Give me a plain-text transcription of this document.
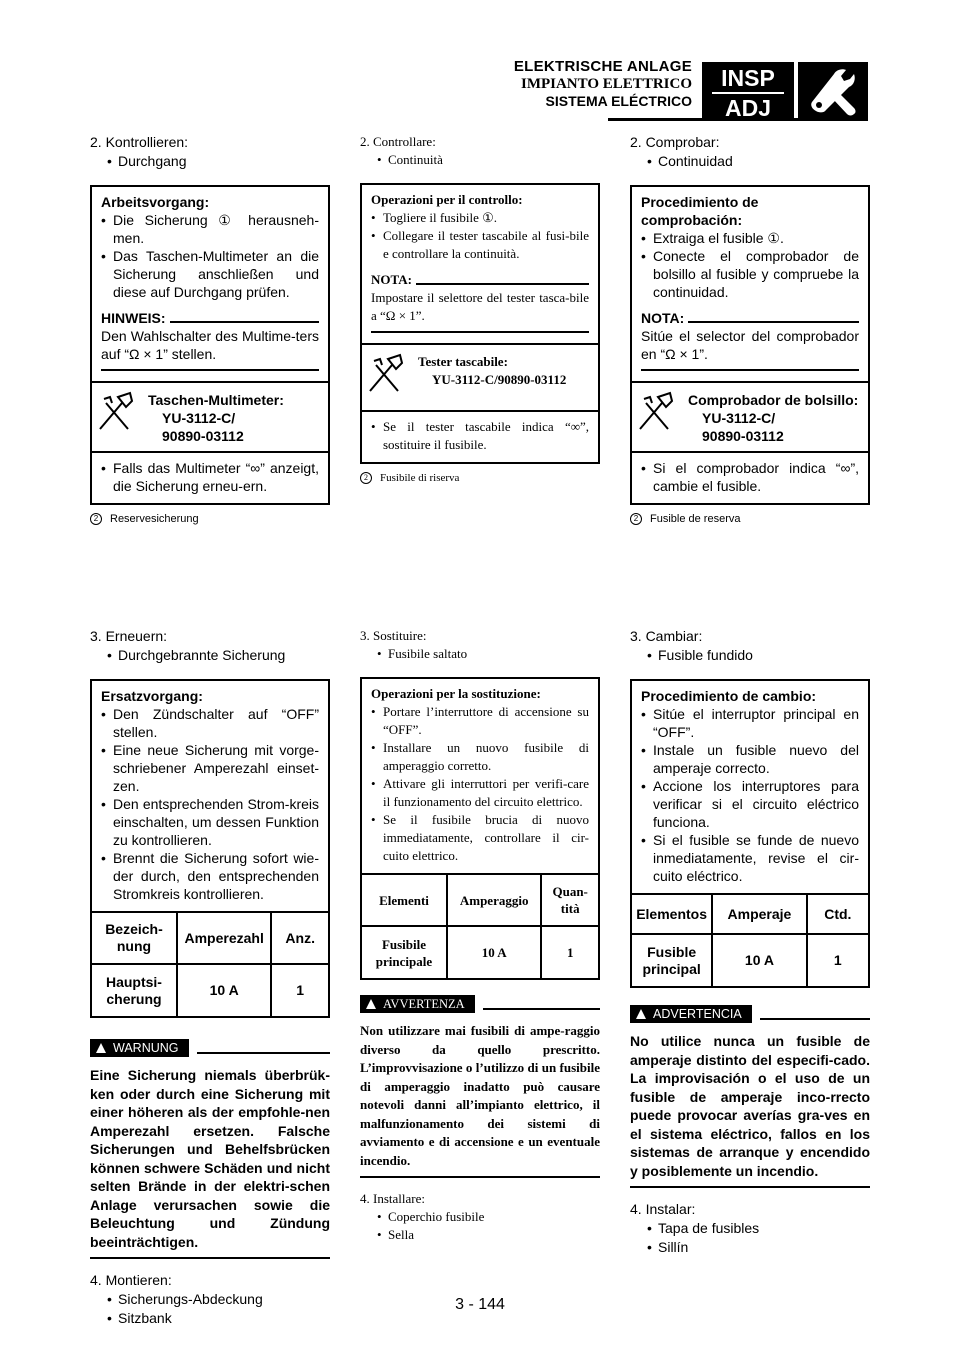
ELEKTRISCHE ANLAGE
IMPIANTO ELETTRICO
SISTEMA ELÉCTRICO
INSP
ADJ
2. Kontrollieren:
• Durchgang
Arbeitsvorgang:
• Die Sicherung ① herausneh-men.
• Das Taschen-Multimeter an die Sicherung anschließen und diese auf Durchgang prüfen.
HINWEIS:
Den Wahlschalter des Multime-ters auf “Ω × 1” stellen.
Taschen-Multimeter:
YU-3112-C/
90890-03112
• Falls das Multimeter “∞” anzeigt, die Sicherung erneu-ern.
2	Reservesicherung
3. Erneuern:
• Durchgebrannte Sicherung
Ersatzvorgang:
• Den Zündschalter auf “OFF” stellen.
• Eine neue Sicherung mit vorge-schriebener Amperezahl einset-zen.
• Den entsprechenden Strom-kreis einschalten, um dessen Funktion zu kontrollieren.
• Brennt die Sicherung sofort wie-der durch, den entsprechenden Stromkreis kontrollieren.
Bezeich-nung	Amperezahl	Anz.
Hauptsi-cherung	10 A	1
WARNUNG
Eine Sicherung niemals überbrük-ken oder durch eine Sicherung mit einer höheren als der empfohle-nen Amperezahl ersetzen. Falsche Sicherungen und Behelfsbrücken können schwere Schäden und nicht selten Brände in der elektri-schen Anlage verursachen sowie die Beleuchtung und Zündung beeinträchtigen.
4. Montieren:
• Sicherungs-Abdeckung
• Sitzbank
2. Controllare:
• Continuità
Operazioni per il controllo:
• Togliere il fusibile ①.
• Collegare il tester tascabile al fusi-bile e controllare la continuità.
NOTA:
Impostare il selettore del tester tasca-bile a “Ω × 1”.
Tester tascabile:
YU-3112-C/90890-03112
• Se il tester tascabile indica “∞”, sostituire il fusibile.
2	Fusibile di riserva
3. Sostituire:
• Fusibile saltato
Operazioni per la sostituzione:
• Portare l’interruttore di accensione su “OFF”.
• Installare un nuovo fusibile di amperaggio corretto.
• Attivare gli interruttori per verifi-care il funzionamento del circuito elettrico.
• Se il fusibile brucia di nuovo immediatamente, controllare il cir-cuito elettrico.
Elementi	Amperaggio	Quan-tità
Fusibile principale	10 A	1
AVVERTENZA
Non utilizzare mai fusibili di ampe-raggio diverso da quello prescritto. L’improvvisazione o l’utilizzo di un fusibile di amperaggio inadatto può causare notevoli danni all’impianto elettrico, il malfunzionamento dei sistemi di avviamento e di accensione e un eventuale incendio.
4. Installare:
• Coperchio fusibile
• Sella
2. Comprobar:
• Continuidad
Procedimiento de comprobación:
• Extraiga el fusible ①.
• Conecte el comprobador de bolsillo al fusible y compruebe la continuidad.
NOTA:
Sitúe el selector del comprobador en “Ω × 1”.
Comprobador de bolsillo:
YU-3112-C/
90890-03112
• Si el comprobador indica “∞”, cambie el fusible.
2	Fusible de reserva
3. Cambiar:
• Fusible fundido
Procedimiento de cambio:
• Sitúe el interruptor principal en “OFF”.
• Instale un fusible nuevo del amperaje correcto.
• Accione los interruptores para verificar si el circuito eléctrico funciona.
• Si el fusible se funde de nuevo inmediatamente, revise el cir-cuito eléctrico.
Elementos	Amperaje	Ctd.
Fusible principal	10 A	1
ADVERTENCIA
No utilice nunca un fusible de amperaje distinto del especifi-cado. La improvisación o el uso de un fusible de amperaje inco-rrecto puede provocar averías gra-ves en el sistema eléctrico, fallos en los sistemas de arranque y encendido y posiblemente un incendio.
4. Instalar:
• Tapa de fusibles
• Sillín
3 - 144
